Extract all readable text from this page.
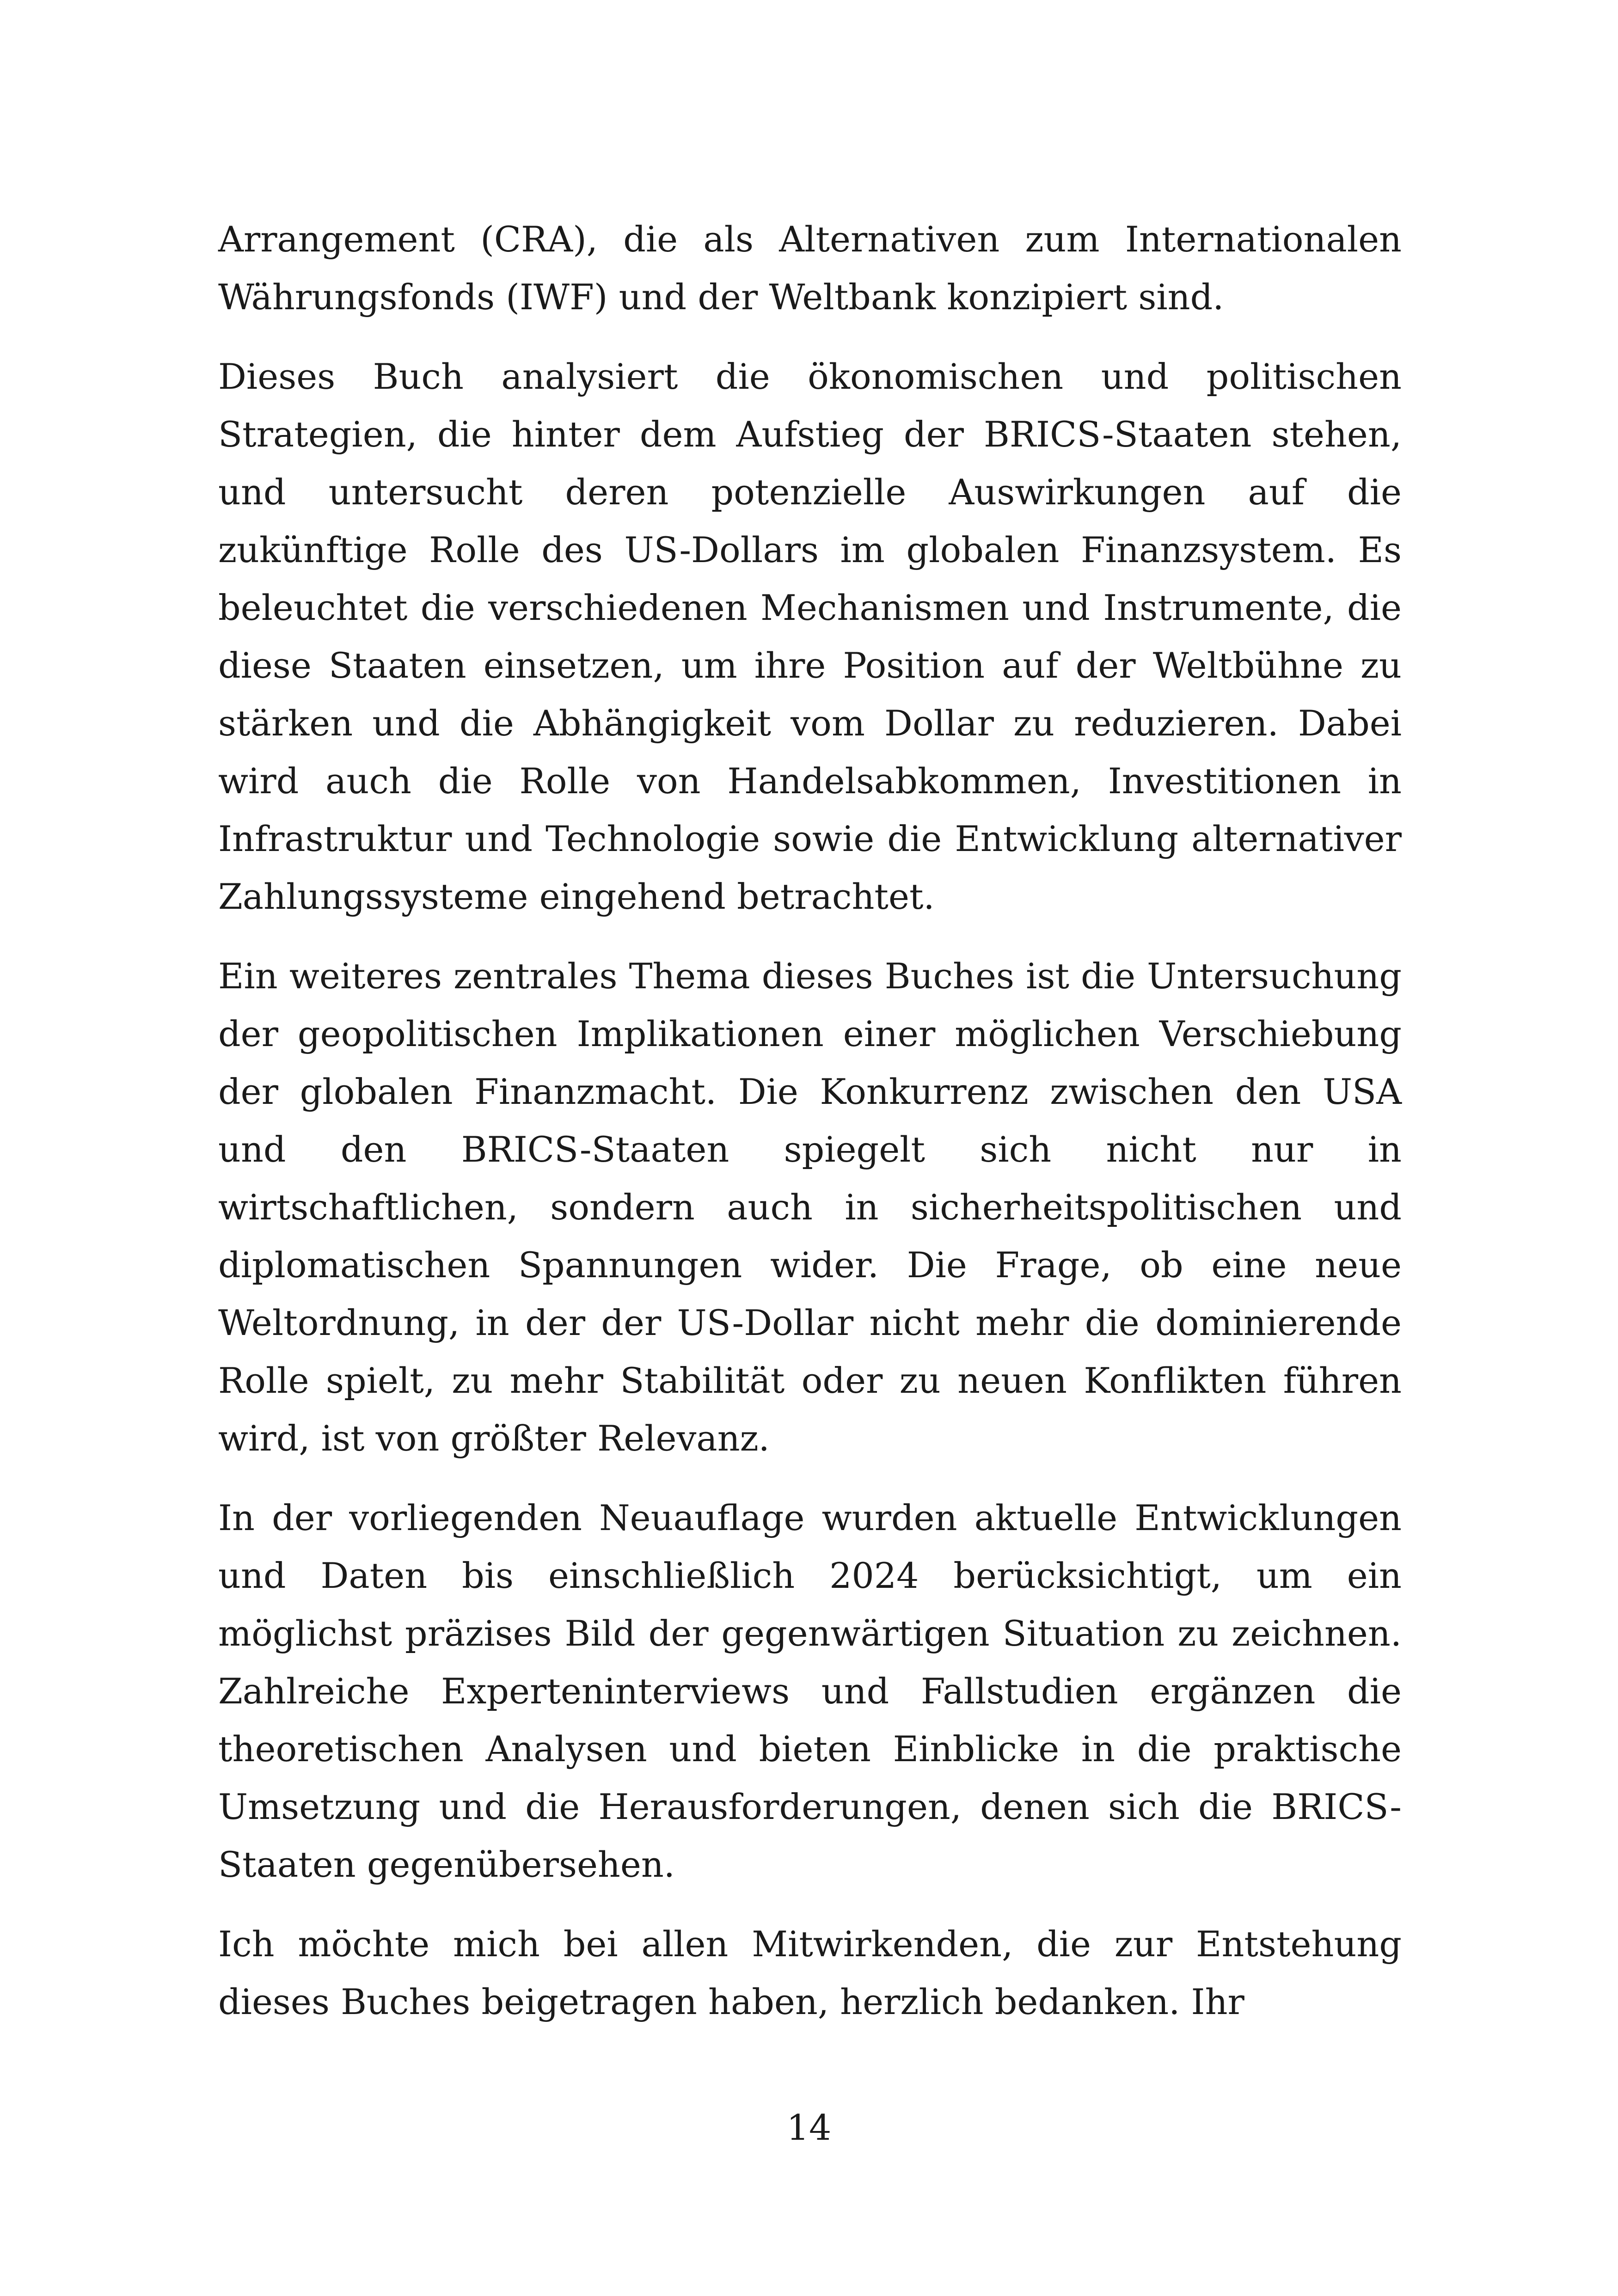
Arrangement (CRA), die als Alternativen zum Internationalen Währungsfonds (IWF) und der Weltbank konzipiert sind.

Dieses Buch analysiert die ökonomischen und politischen Strategien, die hinter dem Aufstieg der BRICS-Staaten stehen, und untersucht deren potenzielle Auswirkungen auf die zukünftige Rolle des US-Dollars im globalen Finanzsystem. Es beleuchtet die verschiedenen Mechanismen und Instrumente, die diese Staaten einsetzen, um ihre Position auf der Weltbühne zu stärken und die Abhängigkeit vom Dollar zu reduzieren. Dabei wird auch die Rolle von Handelsabkommen, Investitionen in Infrastruktur und Technologie sowie die Entwicklung alternativer Zahlungssysteme eingehend betrachtet.

Ein weiteres zentrales Thema dieses Buches ist die Untersuchung der geopolitischen Implikationen einer möglichen Verschiebung der globalen Finanzmacht. Die Konkurrenz zwischen den USA und den BRICS-Staaten spiegelt sich nicht nur in wirtschaftlichen, sondern auch in sicherheitspolitischen und diplomatischen Spannungen wider. Die Frage, ob eine neue Weltordnung, in der der US-Dollar nicht mehr die dominierende Rolle spielt, zu mehr Stabilität oder zu neuen Konflikten führen wird, ist von größter Relevanz.

In der vorliegenden Neuauflage wurden aktuelle Entwicklungen und Daten bis einschließlich 2024 berücksichtigt, um ein möglichst präzises Bild der gegenwärtigen Situation zu zeichnen. Zahlreiche Experteninterviews und Fallstudien ergänzen die theoretischen Analysen und bieten Einblicke in die praktische Umsetzung und die Herausforderungen, denen sich die BRICS-Staaten gegenübersehen.

Ich möchte mich bei allen Mitwirkenden, die zur Entstehung dieses Buches beigetragen haben, herzlich bedanken. Ihr

14
